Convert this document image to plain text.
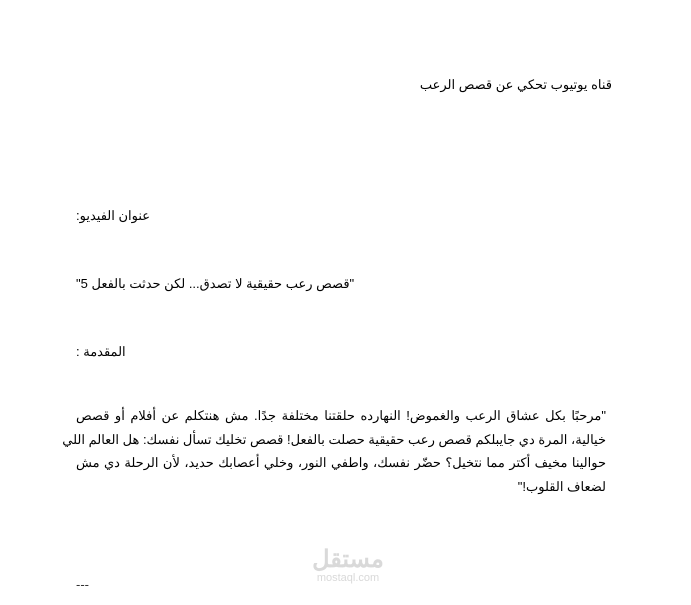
قناه يوتيوب تحكي عن قصص الرعب
عنوان الفيديو:
"قصص رعب حقيقية لا تصدق... لكن حدثت بالفعل 5"
المقدمة :
"مرحبًا بكل عشاق الرعب والغموض! النهارده حلقتنا مختلفة جدًا. مش هنتكلم عن أفلام أو قصص
خيالية، المرة دي جايبلكم قصص رعب حقيقية حصلت بالفعل! قصص تخليك تسأل نفسك: هل العالم اللي
حوالينا مخيف أكتر مما نتخيل؟ حضّر نفسك، واطفي النور، وخلي أعصابك حديد، لأن الرحلة دي مش
لضعاف القلوب!"
---
مستقل
mostaql.com
